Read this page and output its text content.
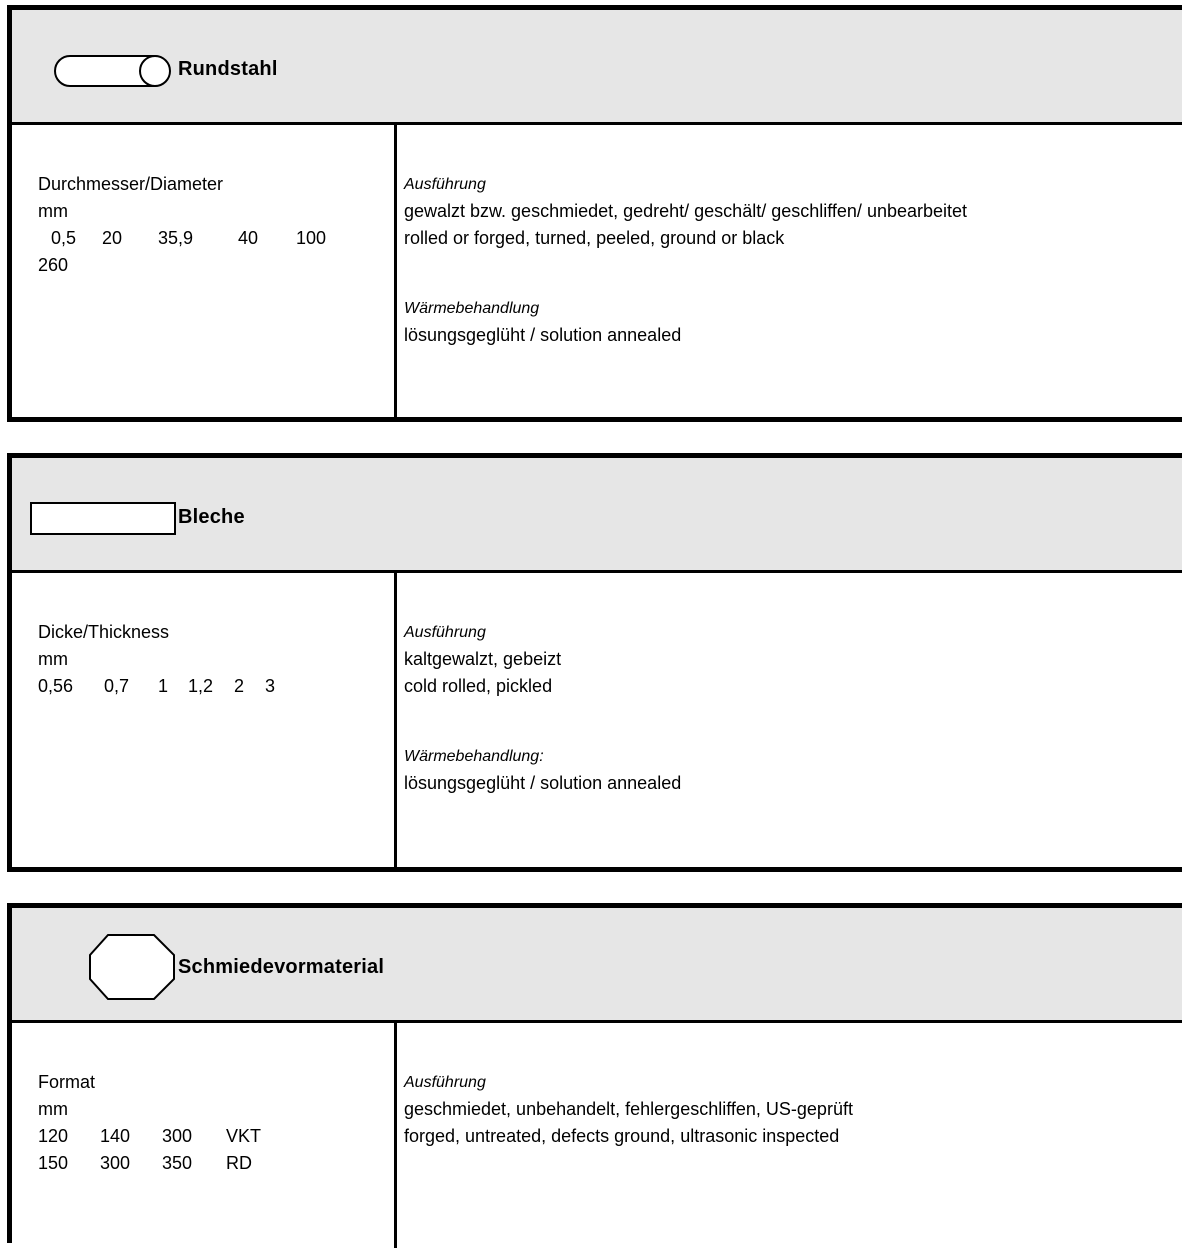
Rundstahl
Durchmesser/Diameter
mm
0,5	20	35,9	40	100
260
Ausführung
gewalzt bzw. geschmiedet, gedreht/ geschält/ geschliffen/ unbearbeitet
rolled or forged, turned, peeled, ground or black
Wärmebehandlung
lösungsgeglüht / solution annealed
Bleche
Dicke/Thickness
mm
0,56	0,7	1	1,2	2	3
Ausführung
kaltgewalzt, gebeizt
cold rolled, pickled
Wärmebehandlung:
lösungsgeglüht / solution annealed
Schmiedevormaterial
Format
mm
120	140	300	VKT
150	300	350	RD
Ausführung
geschmiedet, unbehandelt, fehlergeschliffen, US-geprüft
forged, untreated, defects ground, ultrasonic inspected
